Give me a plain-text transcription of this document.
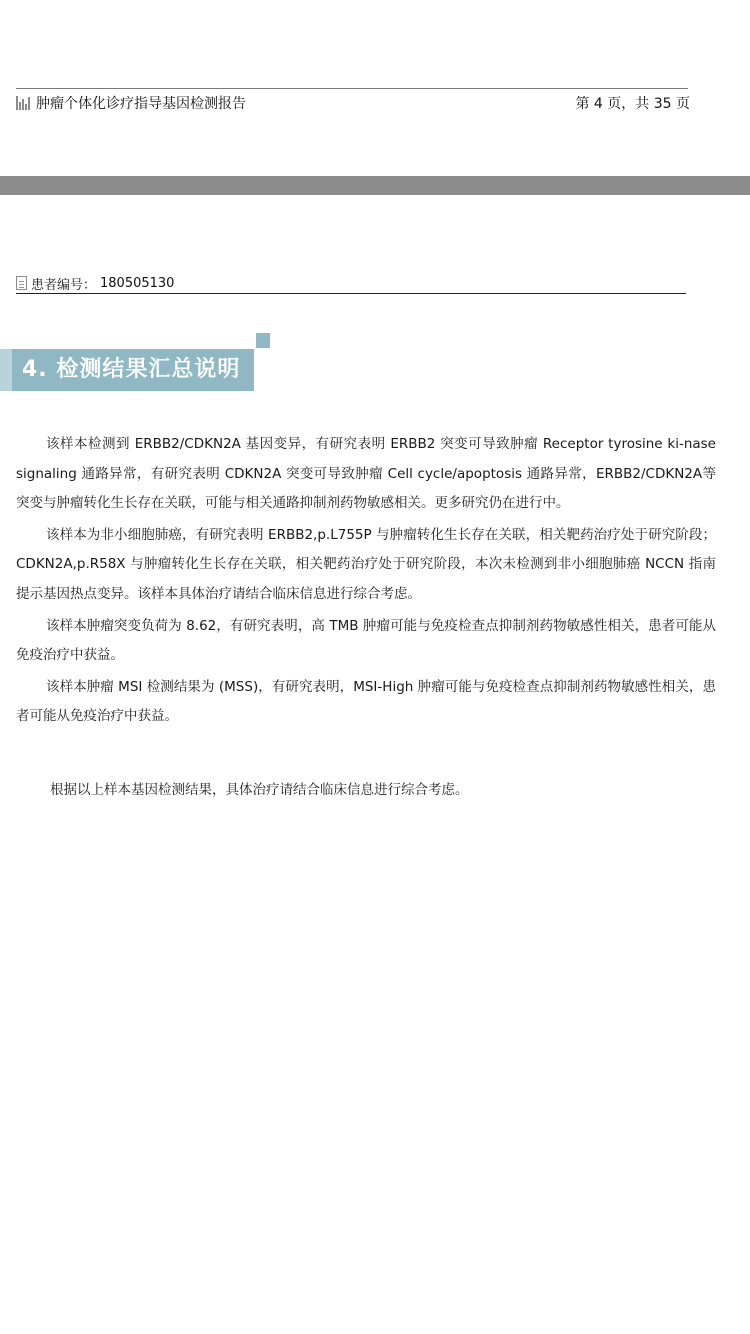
肿瘤个体化诊疗指导基因检测报告	第 4 页，共 35 页
患者编号： 180505130
4. 检测结果汇总说明

该样本检测到 ERBB2/CDKN2A 基因变异，有研究表明 ERBB2 突变可导致肿瘤 Receptor tyrosine ki-nase signaling 通路异常，有研究表明 CDKN2A 突变可导致肿瘤 Cell cycle/apoptosis 通路异常，ERBB2/CDKN2A等突变与肿瘤转化生长存在关联，可能与相关通路抑制剂药物敏感相关。更多研究仍在进行中。

该样本为非小细胞肺癌，有研究表明 ERBB2,p.L755P 与肿瘤转化生长存在关联，相关靶药治疗处于研究阶段；CDKN2A,p.R58X 与肿瘤转化生长存在关联，相关靶药治疗处于研究阶段，本次未检测到非小细胞肺癌 NCCN 指南提示基因热点变异。该样本具体治疗请结合临床信息进行综合考虑。

该样本肿瘤突变负荷为 8.62，有研究表明，高 TMB 肿瘤可能与免疫检查点抑制剂药物敏感性相关，患者可能从免疫治疗中获益。

该样本肿瘤 MSI 检测结果为 (MSS)，有研究表明，MSI-High 肿瘤可能与免疫检查点抑制剂药物敏感性相关，患者可能从免疫治疗中获益。

根据以上样本基因检测结果，具体治疗请结合临床信息进行综合考虑。
